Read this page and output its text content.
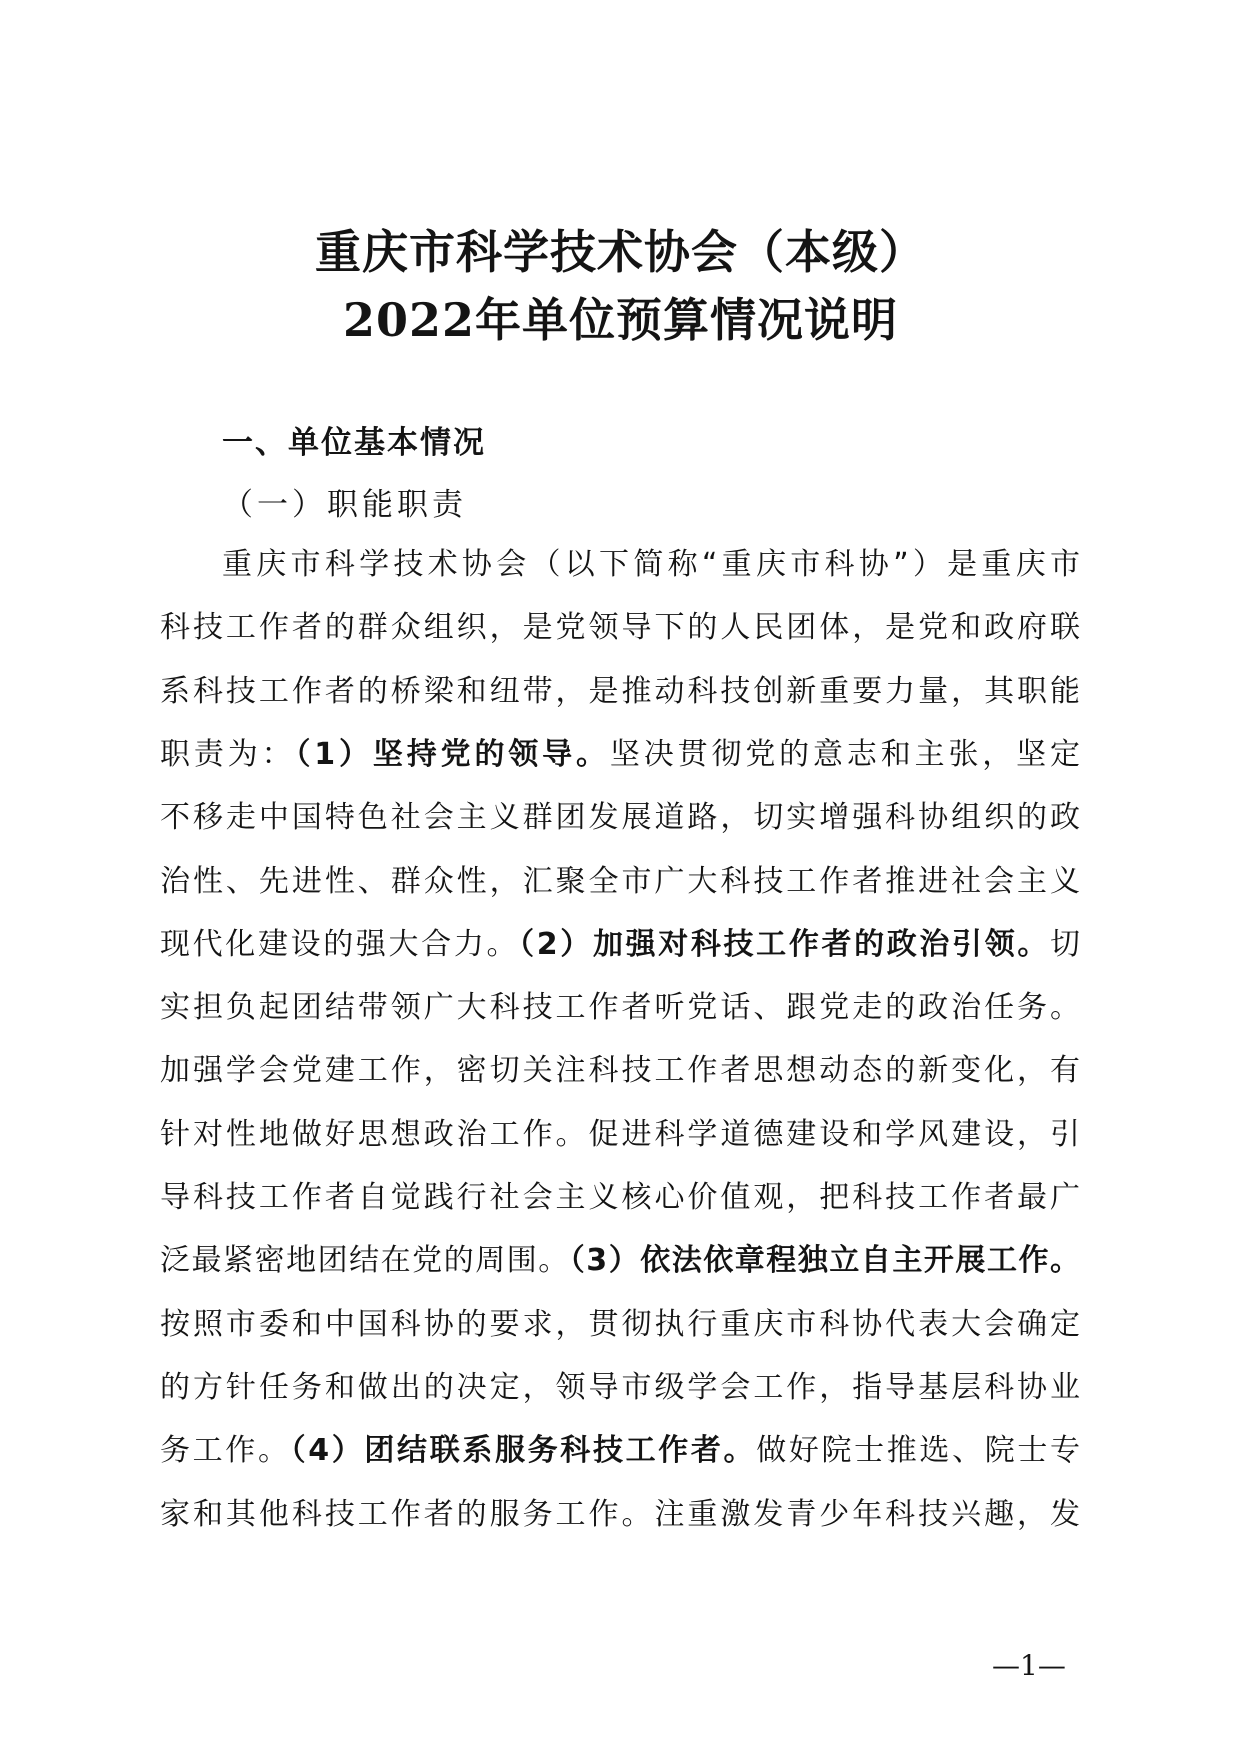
重庆市科学技术协会（本级）
2022年单位预算情况说明
一、单位基本情况
（一）职能职责
重庆市科学技术协会（以下简称“重庆市科协”）是重庆市
科技工作者的群众组织，是党领导下的人民团体，是党和政府联
系科技工作者的桥梁和纽带，是推动科技创新重要力量，其职能
职责为：（1）坚持党的领导。坚决贯彻党的意志和主张，坚定
不移走中国特色社会主义群团发展道路，切实增强科协组织的政
治性、先进性、群众性，汇聚全市广大科技工作者推进社会主义
现代化建设的强大合力。（2）加强对科技工作者的政治引领。切
实担负起团结带领广大科技工作者听党话、跟党走的政治任务。
加强学会党建工作，密切关注科技工作者思想动态的新变化，有
针对性地做好思想政治工作。促进科学道德建设和学风建设，引
导科技工作者自觉践行社会主义核心价值观，把科技工作者最广
泛最紧密地团结在党的周围。（3）依法依章程独立自主开展工作。
按照市委和中国科协的要求，贯彻执行重庆市科协代表大会确定
的方针任务和做出的决定，领导市级学会工作，指导基层科协业
务工作。（4）团结联系服务科技工作者。做好院士推选、院士专
家和其他科技工作者的服务工作。注重激发青少年科技兴趣，发
—1—
